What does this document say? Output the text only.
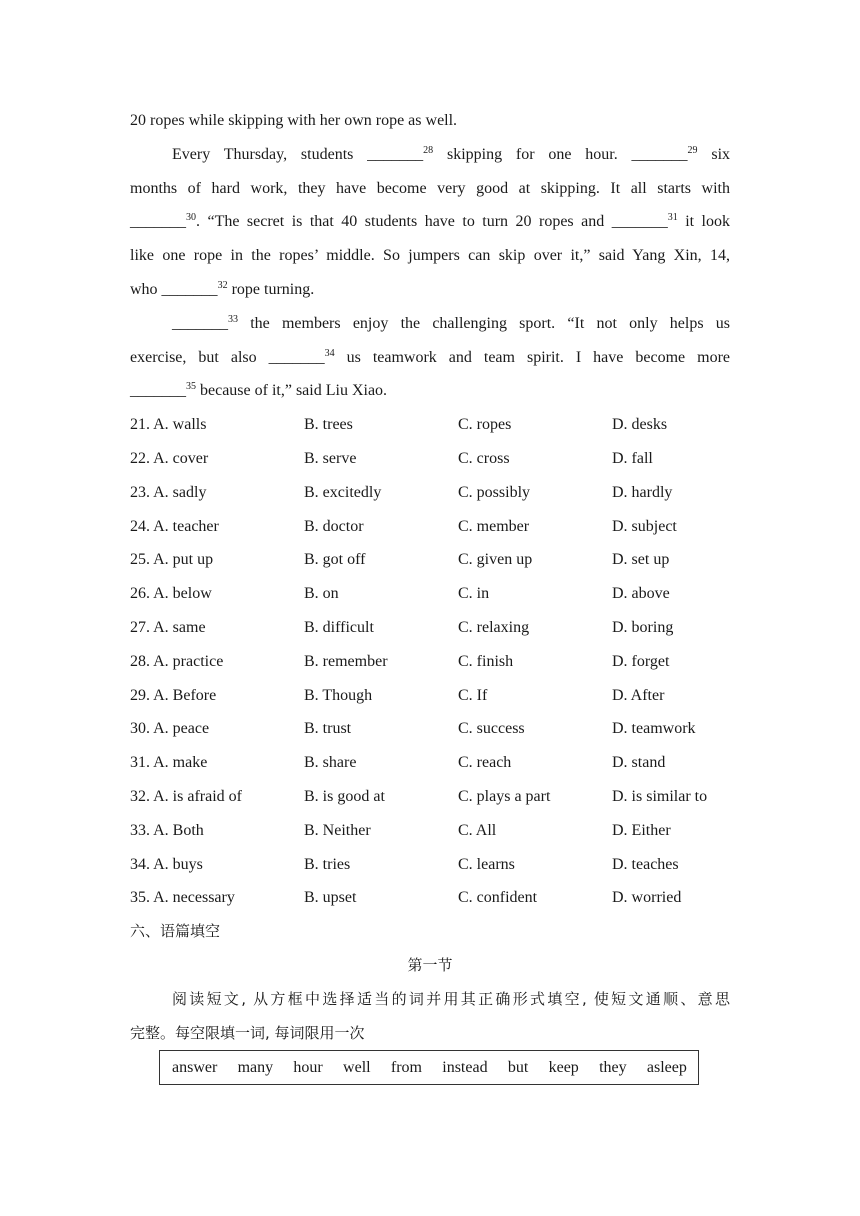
20 ropes while skipping with her own rope as well.
Every Thursday, students _______$^{28}$ skipping for one hour. _______$^{29}$ six
months of hard work, they have become very good at skipping. It all starts with
_______$^{30}$. “The secret is that 40 students have to turn 20 ropes and _______$^{31}$ it look
like one rope in the ropes’ middle. So jumpers can skip over it,” said Yang Xin, 14,
who _______$^{32}$ rope turning.
_______$^{33}$ the members enjoy the challenging sport. “It not only helps us
exercise, but also _______$^{34}$ us teamwork and team spirit. I have become more
_______$^{35}$ because of it,” said Liu Xiao.
21. A. walls	B. trees	C. ropes	D. desks
22. A. cover	B. serve	C. cross	D. fall
23. A. sadly	B. excitedly	C. possibly	D. hardly
24. A. teacher	B. doctor	C. member	D. subject
25. A. put up	B. got off	C. given up	D. set up
26. A. below	B. on	C. in	D. above
27. A. same	B. difficult	C. relaxing	D. boring
28. A. practice	B. remember	C. finish	D. forget
29. A. Before	B. Though	C. If	D. After
30. A. peace	B. trust	C. success	D. teamwork
31. A. make	B. share	C. reach	D. stand
32. A. is afraid of	B. is good at	C. plays a part	D. is similar to
33. A. Both	B. Neither	C. All	D. Either
34. A. buys	B. tries	C. learns	D. teaches
35. A. necessary	B. upset	C. confident	D. worried
六、语篇填空
第一节
阅读短文, 从方框中选择适当的词并用其正确形式填空, 使短文通顺、意思
完整。每空限填一词, 每词限用一次
answer many hour well from instead but keep they asleep
